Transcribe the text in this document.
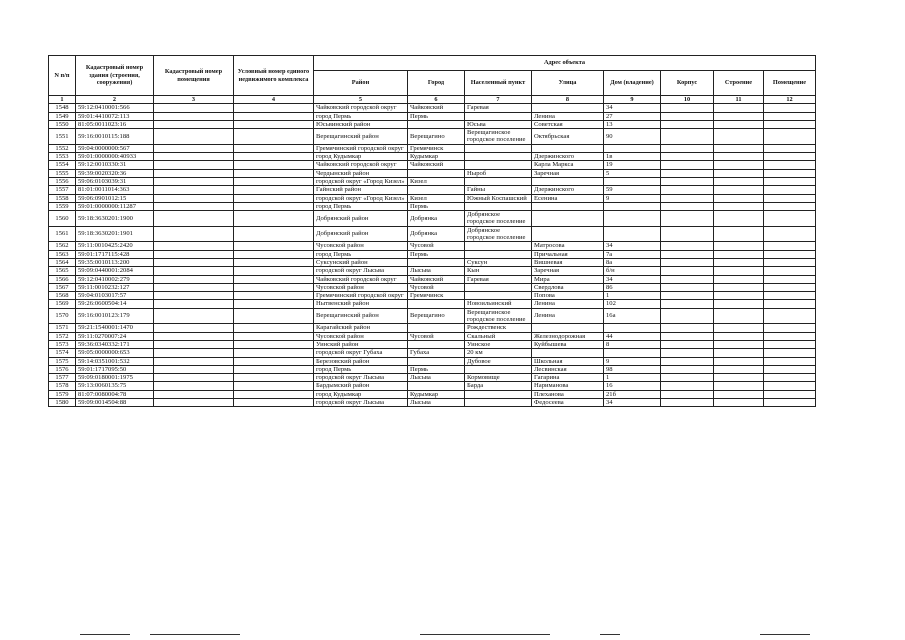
N п/п	Кадастровый номер здания (строения, сооружения)	Кадастровый номер помещения	Условный номер единого недвижимого комплекса	Адрес объекта							
				Район	Город	Населенный пункт	Улица	Дом (владение)	Корпус	Строение	Помещение
1	2	3	4	5	6	7	8	9	10	11	12
1548	59:12:0410001:566			Чайковский городской округ	Чайковский	Гаревая		34			
1549	59:01:4410072:113			город Пермь	Пермь		Ленина	27			
1550	81:05:0011023:16			Юсьвинский район		Юсьва	Советская	13			
1551	59:16:0010115:188			Верещагинский район	Верещагино	Верещагинское городское поселение	Октябрьская	90			
1552	59:04:0000000:567			Гремячинский городской округ	Гремячинск						
1553	59:01:0000000:40933			город Кудымкар	Кудымкар		Дзержинского	1в			
1554	59:12:0010330:31			Чайковский городской округ	Чайковский		Карла Маркса	19			
1555	59:39:0020320:36			Чердынский район		Ныроб	Заречная	5			
1556	59:06:0103039:31			городской округ «Город Кизел»	Кизел						
1557	81:01:0011014:363			Гайнский район		Гайны	Дзержинского	59			
1558	59:06:0901012:15			городской округ «Город Кизел»	Кизел	Южный Коспашский	Есенина	9			
1559	59:01:0000000:11287			город Пермь	Пермь						
1560	59:18:3630201:1900			Добрянский район	Добрянка	Добрянское городское поселение					
1561	59:18:3630201:1901			Добрянский район	Добрянка	Добрянское городское поселение					
1562	59:11:0010425:2420			Чусовской район	Чусовой		Матросова	34			
1563	59:01:1717115:428			город Пермь	Пермь		Причальная	7а			
1564	59:35:0010113:200			Суксунский район		Суксун	Вишневая	8а			
1565	59:09:0440001:2084			городской округ Лысьва	Лысьва	Кын	Заречная	б/н			
1566	59:12:0410002:279			Чайковский городской округ	Чайковский	Гаревая	Мира	34			
1567	59:11:0010232:127			Чусовской район	Чусовой		Свердлова	86			
1568	59:04:0103017:57			Гремячинский городской округ	Гремячинск		Попова	1			
1569	59:26:0600504:14			Нытвенский район		Новоильинский	Ленина	102			
1570	59:16:0010123:179			Верещагинский район	Верещагино	Верещагинское городское поселение	Ленина	16а			
1571	59:21:1540001:1470			Карагайский район		Рождественск					
1572	59:11:0270007:24			Чусовской район	Чусовой	Скальный	Железнодорожная	44			
1573	59:36:0340332:171			Уинский район		Уинское	Куйбышева	8			
1574	59:05:0000000:653			городской округ Губаха	Губаха	20 км					
1575	59:14:0351001:532			Березовский район		Дубовое	Школьная	9			
1576	59:01:1717095:50			город Пермь	Пермь		Лесвинская	98			
1577	59:09:0180001:1975			городской округ Лысьва	Лысьва	Кормовище	Гагарина	1			
1578	59:13:0060135:75			Бардымский район		Барда	Нариманова	16			
1579	81:07:0080004:78			город Кудымкар	Кудымкар		Плеханова	21б			
1580	59:09:0014504:88			городской округ Лысьва	Лысьва		Федосеева	34			
